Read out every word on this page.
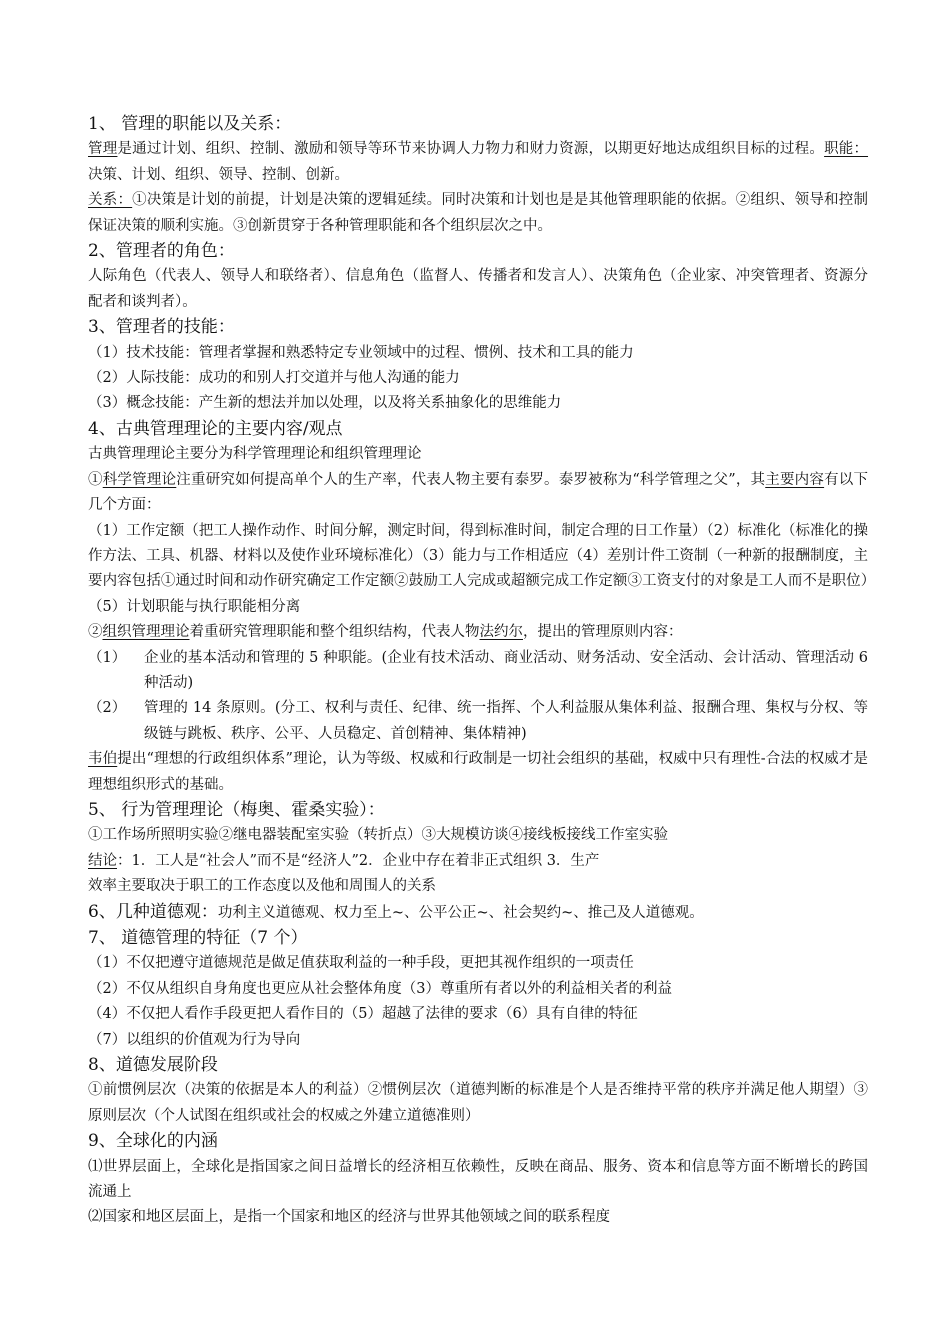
1、 管理的职能以及关系：
管理是通过计划、组织、控制、激励和领导等环节来协调人力物力和财力资源，以期更好地达成组织目标的过程。职能：决策、计划、组织、领导、控制、创新。
关系：①决策是计划的前提，计划是决策的逻辑延续。同时决策和计划也是是其他管理职能的依据。②组织、领导和控制保证决策的顺利实施。③创新贯穿于各种管理职能和各个组织层次之中。
2、管理者的角色：
人际角色（代表人、领导人和联络者）、信息角色（监督人、传播者和发言人）、决策角色（企业家、冲突管理者、资源分配者和谈判者）。
3、管理者的技能：
（1）技术技能：管理者掌握和熟悉特定专业领域中的过程、惯例、技术和工具的能力
（2）人际技能：成功的和别人打交道并与他人沟通的能力
（3）概念技能：产生新的想法并加以处理，以及将关系抽象化的思维能力
4、古典管理理论的主要内容/观点
古典管理理论主要分为科学管理理论和组织管理理论
①科学管理论注重研究如何提高单个人的生产率，代表人物主要有泰罗。泰罗被称为“科学管理之父”，其主要内容有以下几个方面：
（1）工作定额（把工人操作动作、时间分解，测定时间，得到标准时间，制定合理的日工作量）（2）标准化（标准化的操作方法、工具、机器、材料以及使作业环境标准化）（3）能力与工作相适应（4）差别计件工资制（一种新的报酬制度，主要内容包括①通过时间和动作研究确定工作定额②鼓励工人完成或超额完成工作定额③工资支付的对象是工人而不是职位）（5）计划职能与执行职能相分离
②组织管理理论着重研究管理职能和整个组织结构，代表人物法约尔，提出的管理原则内容：
（1）	企业的基本活动和管理的 5 种职能。(企业有技术活动、商业活动、财务活动、安全活动、会计活动、管理活动 6 种活动)
（2）	管理的 14 条原则。(分工、权利与责任、纪律、统一指挥、个人利益服从集体利益、报酬合理、集权与分权、等级链与跳板、秩序、公平、人员稳定、首创精神、集体精神)
韦伯提出“理想的行政组织体系”理论，认为等级、权威和行政制是一切社会组织的基础，权威中只有理性-合法的权威才是理想组织形式的基础。
5、 行为管理理论（梅奥、霍桑实验）：
①工作场所照明实验②继电器装配室实验（转折点）③大规模访谈④接线板接线工作室实验
结论：1．工人是“社会人”而不是“经济人”2．企业中存在着非正式组织 3．生产
效率主要取决于职工的工作态度以及他和周围人的关系
6、几种道德观：功利主义道德观、权力至上~、公平公正~、社会契约~、推己及人道德观。
7、 道德管理的特征（7 个）
（1）不仅把遵守道德规范是做足值获取利益的一种手段，更把其视作组织的一项责任
（2）不仅从组织自身角度也更应从社会整体角度（3）尊重所有者以外的利益相关者的利益
（4）不仅把人看作手段更把人看作目的（5）超越了法律的要求（6）具有自律的特征
（7）以组织的价值观为行为导向
8、道德发展阶段
①前惯例层次（决策的依据是本人的利益）②惯例层次（道德判断的标准是个人是否维持平常的秩序并满足他人期望）③原则层次（个人试图在组织或社会的权威之外建立道德准则）
9、全球化的内涵
⑴世界层面上，全球化是指国家之间日益增长的经济相互依赖性，反映在商品、服务、资本和信息等方面不断增长的跨国流通上
⑵国家和地区层面上，是指一个国家和地区的经济与世界其他领域之间的联系程度
